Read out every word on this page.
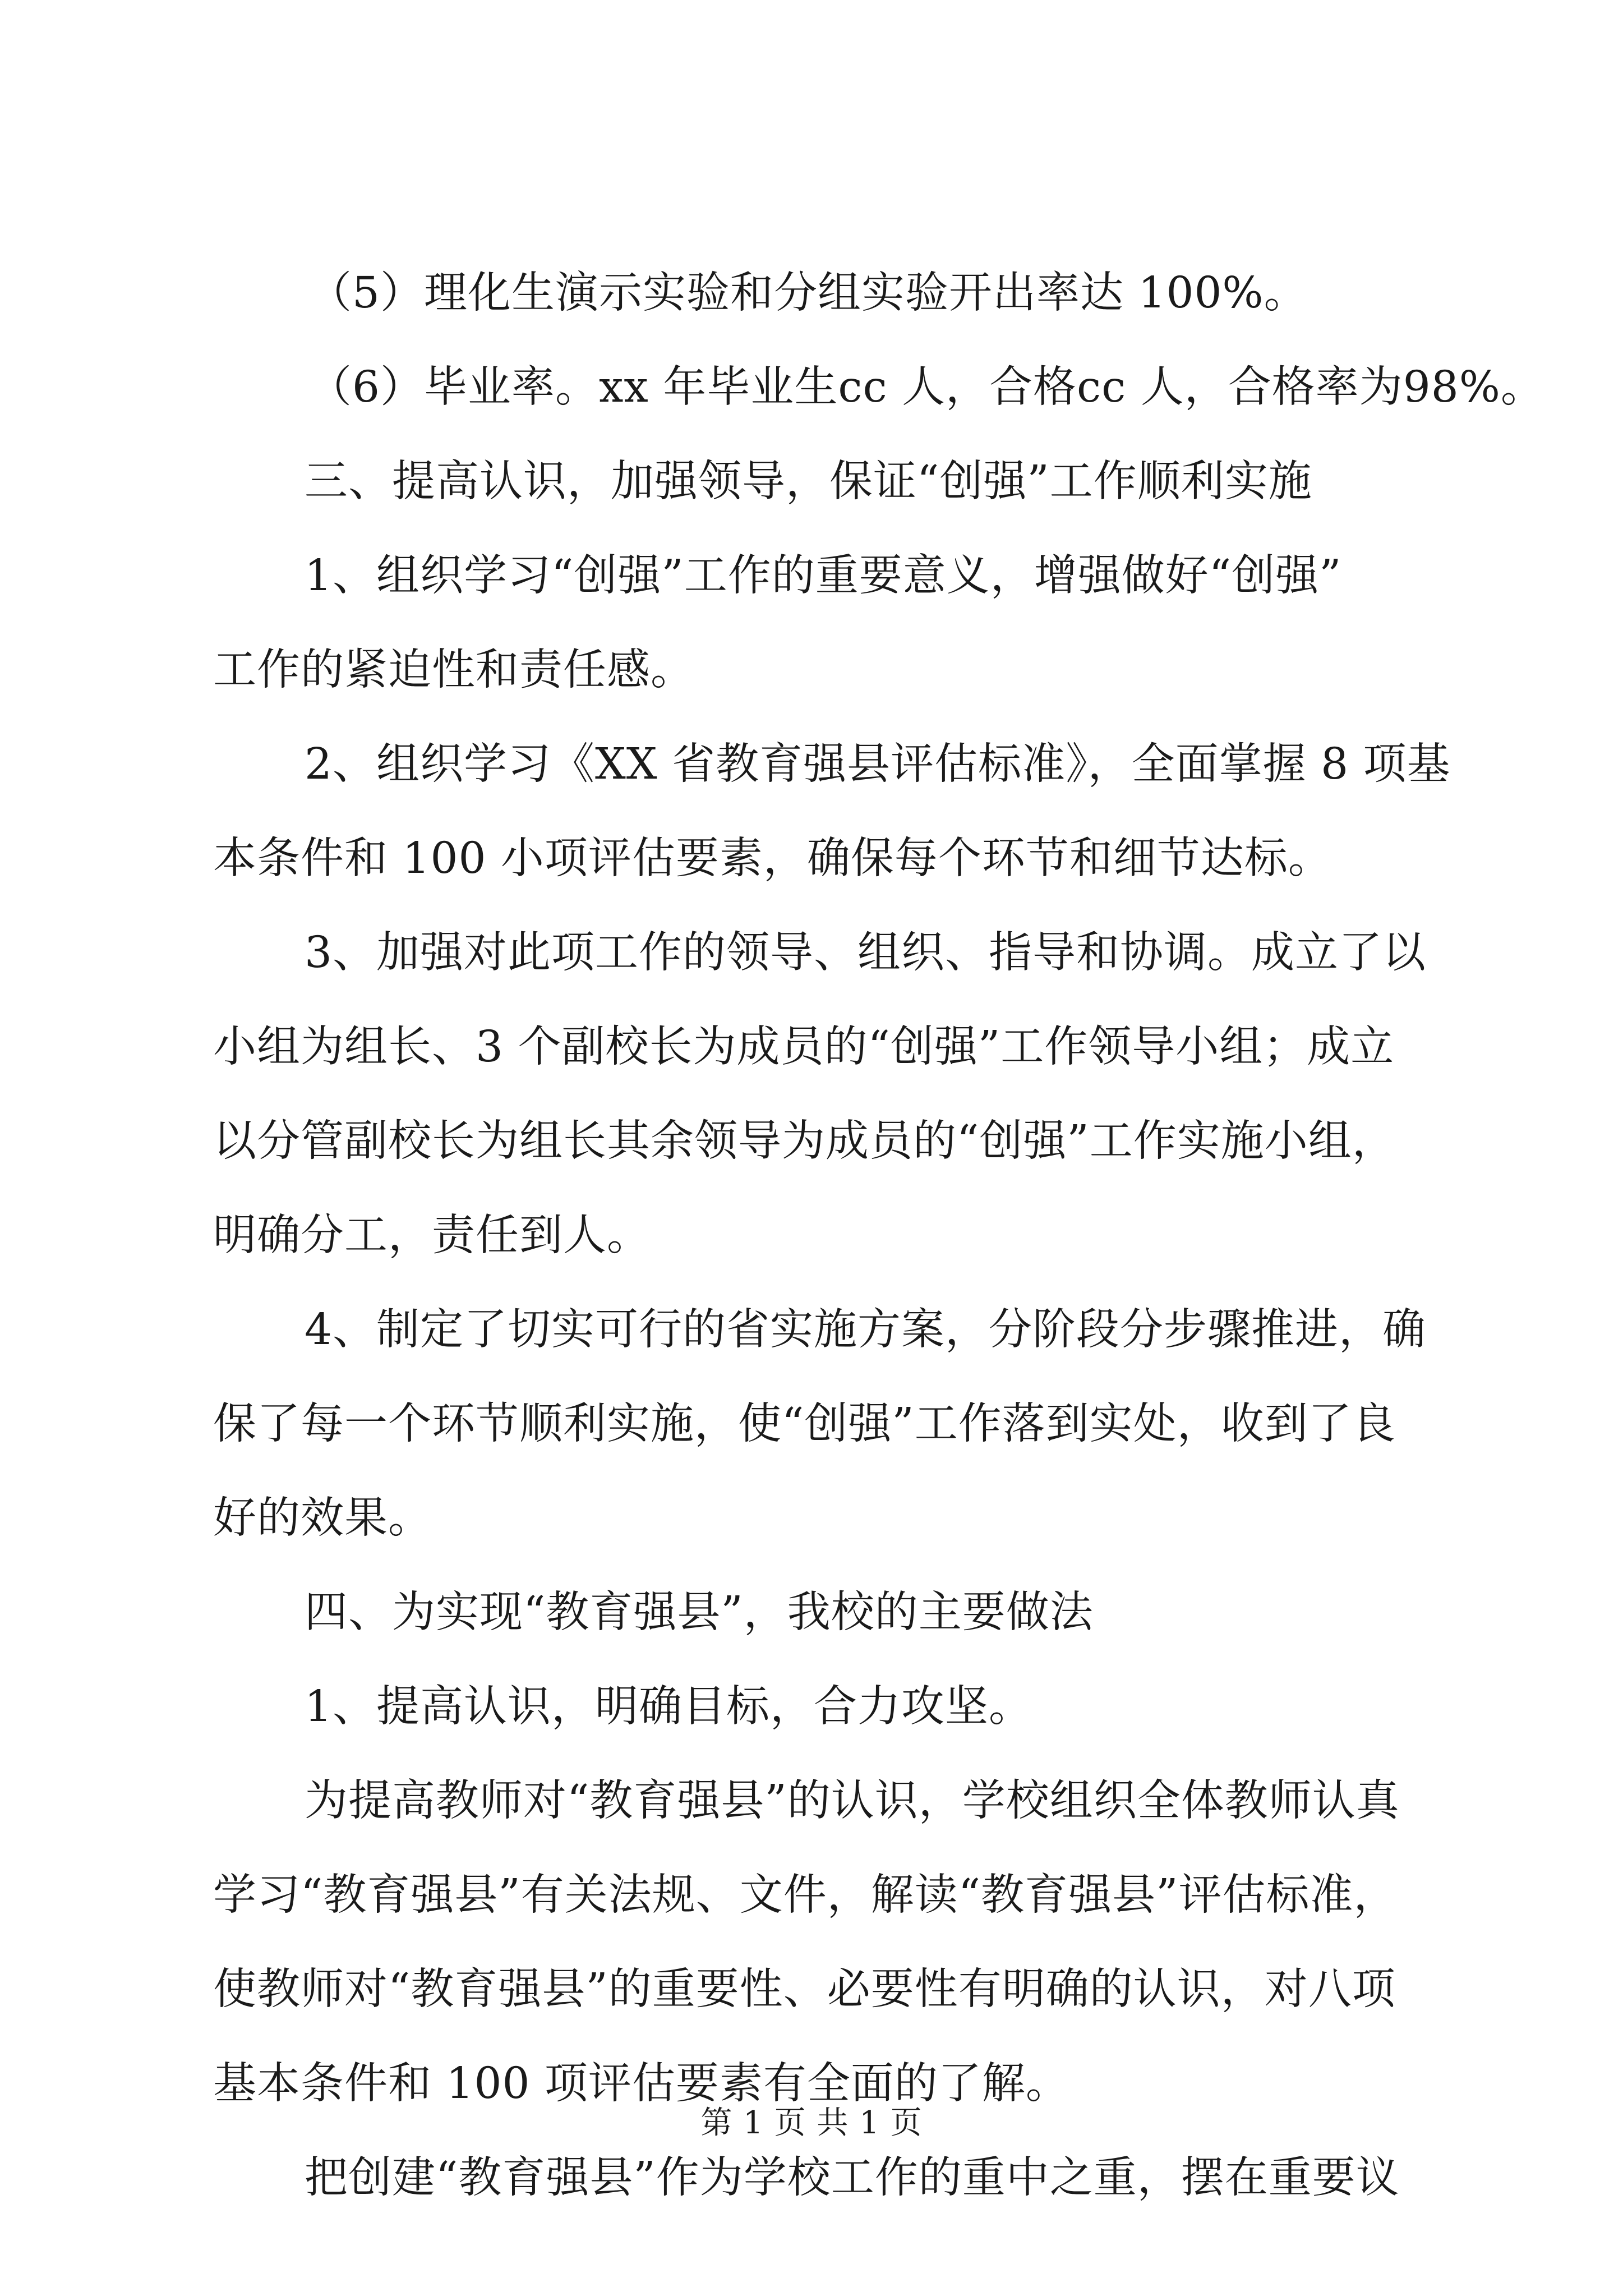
（5）理化生演示实验和分组实验开出率达 100%。
（6）毕业率。xx 年毕业生cc 人，合格cc 人，合格率为98%。
三、提高认识，加强领导，保证“创强”工作顺利实施
1、组织学习“创强”工作的重要意义，增强做好“创强”
工作的紧迫性和责任感。
2、组织学习《XX 省教育强县评估标准》，全面掌握 8 项基
本条件和 100 小项评估要素，确保每个环节和细节达标。
3、加强对此项工作的领导、组织、指导和协调。成立了以
小组为组长、3 个副校长为成员的“创强”工作领导小组；成立
以分管副校长为组长其余领导为成员的“创强”工作实施小组，
明确分工，责任到人。
4、制定了切实可行的省实施方案，分阶段分步骤推进，确
保了每一个环节顺利实施，使“创强”工作落到实处，收到了良
好的效果。
四、为实现“教育强县”，我校的主要做法
1、提高认识，明确目标，合力攻坚。
为提高教师对“教育强县”的认识，学校组织全体教师认真
学习“教育强县”有关法规、文件，解读“教育强县”评估标准，
使教师对“教育强县”的重要性、必要性有明确的认识，对八项
基本条件和 100 项评估要素有全面的了解。
把创建“教育强县”作为学校工作的重中之重，摆在重要议
第 1 页 共 1 页
